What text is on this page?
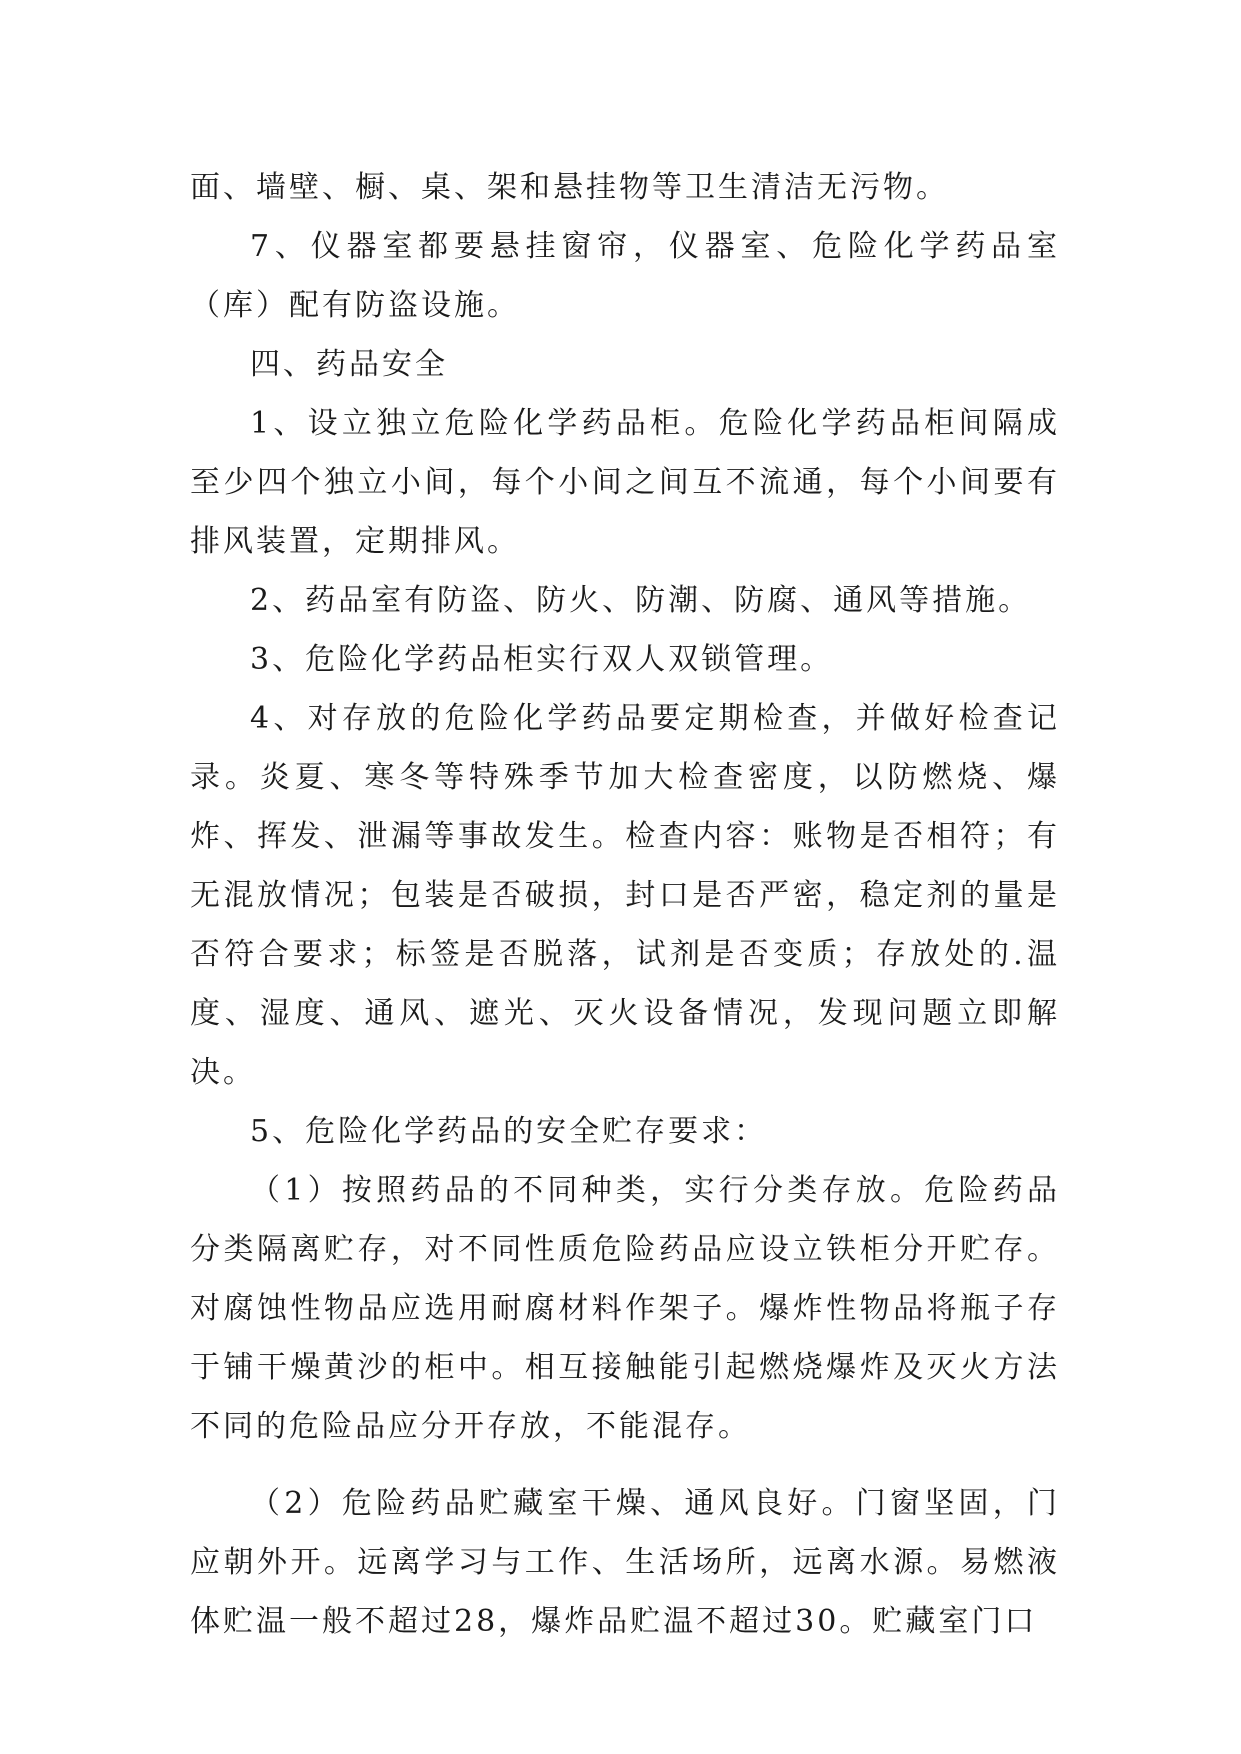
面、墙壁、橱、桌、架和悬挂物等卫生清洁无污物。

7、仪器室都要悬挂窗帘，仪器室、危险化学药品室（库）配有防盗设施。

四、药品安全

1、设立独立危险化学药品柜。危险化学药品柜间隔成至少四个独立小间，每个小间之间互不流通，每个小间要有排风装置，定期排风。

2、药品室有防盗、防火、防潮、防腐、通风等措施。

3、危险化学药品柜实行双人双锁管理。

4、对存放的危险化学药品要定期检查，并做好检查记录。炎夏、寒冬等特殊季节加大检查密度，以防燃烧、爆炸、挥发、泄漏等事故发生。检查内容：账物是否相符；有无混放情况；包装是否破损，封口是否严密，稳定剂的量是否符合要求；标签是否脱落，试剂是否变质；存放处的.温度、湿度、通风、遮光、灭火设备情况，发现问题立即解决。

5、危险化学药品的安全贮存要求：

（1）按照药品的不同种类，实行分类存放。危险药品分类隔离贮存，对不同性质危险药品应设立铁柜分开贮存。对腐蚀性物品应选用耐腐材料作架子。爆炸性物品将瓶子存于铺干燥黄沙的柜中。相互接触能引起燃烧爆炸及灭火方法不同的危险品应分开存放，不能混存。

（2）危险药品贮藏室干燥、通风良好。门窗坚固，门应朝外开。远离学习与工作、生活场所，远离水源。易燃液体贮温一般不超过28，爆炸品贮温不超过30。贮藏室门口
